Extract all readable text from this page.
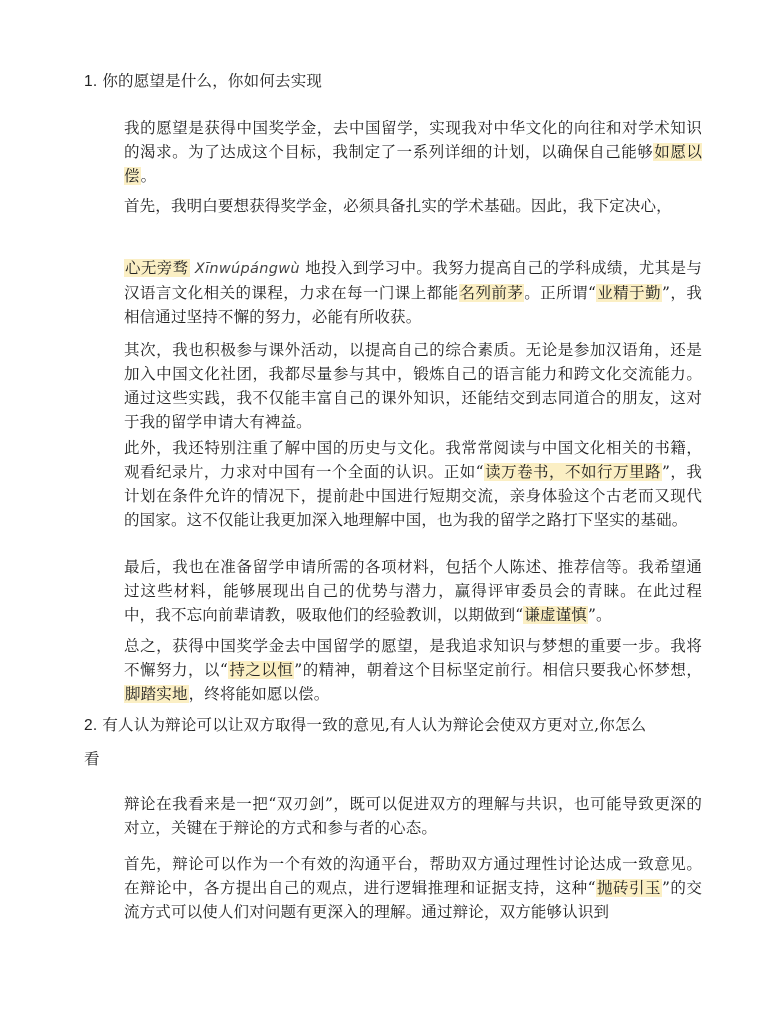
1. 你的愿望是什么，你如何去实现
我的愿望是获得中国奖学金，去中国留学，实现我对中华文化的向往和对学术知识的渴求。为了达成这个目标，我制定了一系列详细的计划，以确保自己能够如愿以偿。
首先，我明白要想获得奖学金，必须具备扎实的学术基础。因此，我下定决心，
心无旁骛 Xīnwúpángwù 地投入到学习中。我努力提高自己的学科成绩，尤其是与汉语言文化相关的课程，力求在每一门课上都能名列前茅。正所谓“业精于勤”，我相信通过坚持不懈的努力，必能有所收获。
其次，我也积极参与课外活动，以提高自己的综合素质。无论是参加汉语角，还是加入中国文化社团，我都尽量参与其中，锻炼自己的语言能力和跨文化交流能力。通过这些实践，我不仅能丰富自己的课外知识，还能结交到志同道合的朋友，这对于我的留学申请大有裨益。
此外，我还特别注重了解中国的历史与文化。我常常阅读与中国文化相关的书籍，观看纪录片，力求对中国有一个全面的认识。正如“读万卷书，不如行万里路”，我计划在条件允许的情况下，提前赴中国进行短期交流，亲身体验这个古老而又现代的国家。这不仅能让我更加深入地理解中国，也为我的留学之路打下坚实的基础。
最后，我也在准备留学申请所需的各项材料，包括个人陈述、推荐信等。我希望通过这些材料，能够展现出自己的优势与潜力，赢得评审委员会的青睐。在此过程中，我不忘向前辈请教，吸取他们的经验教训，以期做到“谦虚谨慎”。
总之，获得中国奖学金去中国留学的愿望，是我追求知识与梦想的重要一步。我将不懈努力，以“持之以恒”的精神，朝着这个目标坚定前行。相信只要我心怀梦想，脚踏实地，终将能如愿以偿。
2. 有人认为辩论可以让双方取得一致的意见,有人认为辩论会使双方更对立,你怎么
看
辩论在我看来是一把“双刃剑”，既可以促进双方的理解与共识，也可能导致更深的对立，关键在于辩论的方式和参与者的心态。
首先，辩论可以作为一个有效的沟通平台，帮助双方通过理性讨论达成一致意见。在辩论中，各方提出自己的观点，进行逻辑推理和证据支持，这种“抛砖引玉”的交流方式可以使人们对问题有更深入的理解。通过辩论，双方能够认识到
